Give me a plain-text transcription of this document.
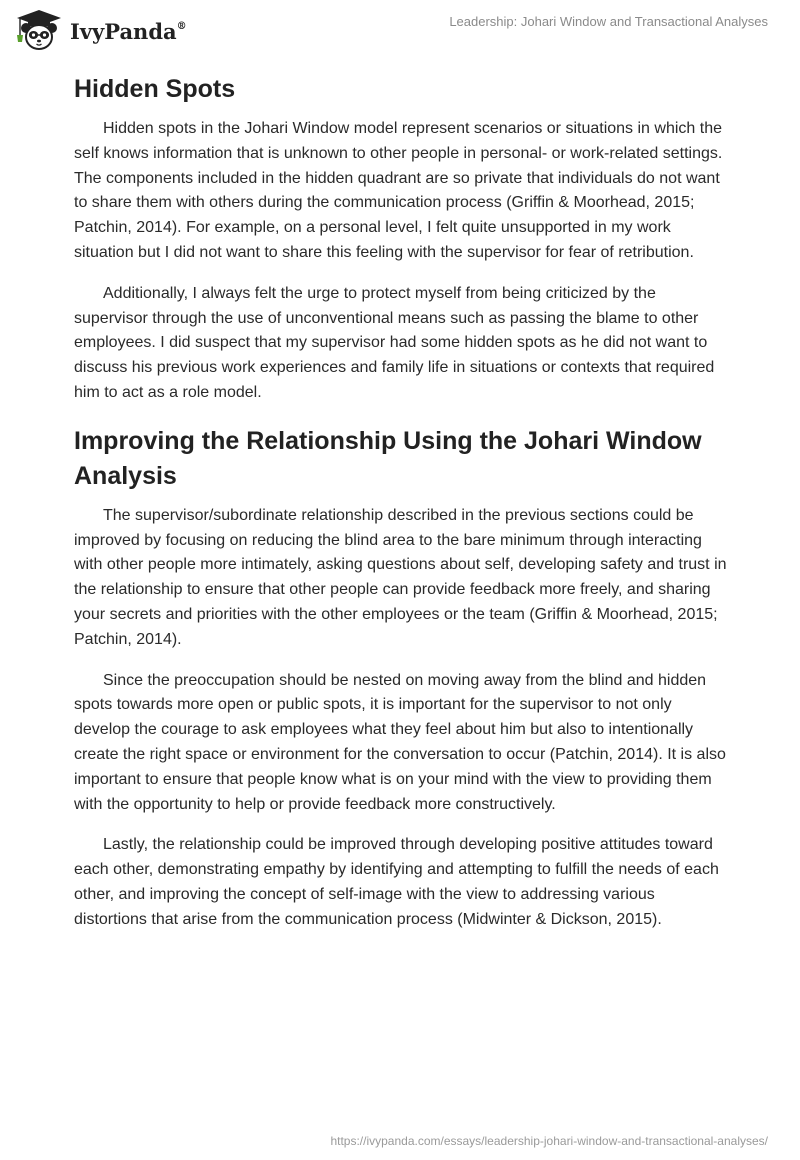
IvyPanda®	Leadership: Johari Window and Transactional Analyses
Hidden Spots

Hidden spots in the Johari Window model represent scenarios or situations in which the self knows information that is unknown to other people in personal- or work-related settings. The components included in the hidden quadrant are so private that individuals do not want to share them with others during the communication process (Griffin & Moorhead, 2015; Patchin, 2014). For example, on a personal level, I felt quite unsupported in my work situation but I did not want to share this feeling with the supervisor for fear of retribution.

Additionally, I always felt the urge to protect myself from being criticized by the supervisor through the use of unconventional means such as passing the blame to other employees. I did suspect that my supervisor had some hidden spots as he did not want to discuss his previous work experiences and family life in situations or contexts that required him to act as a role model.

Improving the Relationship Using the Johari Window Analysis

The supervisor/subordinate relationship described in the previous sections could be improved by focusing on reducing the blind area to the bare minimum through interacting with other people more intimately, asking questions about self, developing safety and trust in the relationship to ensure that other people can provide feedback more freely, and sharing your secrets and priorities with the other employees or the team (Griffin & Moorhead, 2015; Patchin, 2014).

Since the preoccupation should be nested on moving away from the blind and hidden spots towards more open or public spots, it is important for the supervisor to not only develop the courage to ask employees what they feel about him but also to intentionally create the right space or environment for the conversation to occur (Patchin, 2014). It is also important to ensure that people know what is on your mind with the view to providing them with the opportunity to help or provide feedback more constructively.

Lastly, the relationship could be improved through developing positive attitudes toward each other, demonstrating empathy by identifying and attempting to fulfill the needs of each other, and improving the concept of self-image with the view to addressing various distortions that arise from the communication process (Midwinter & Dickson, 2015).

https://ivypanda.com/essays/leadership-johari-window-and-transactional-analyses/
